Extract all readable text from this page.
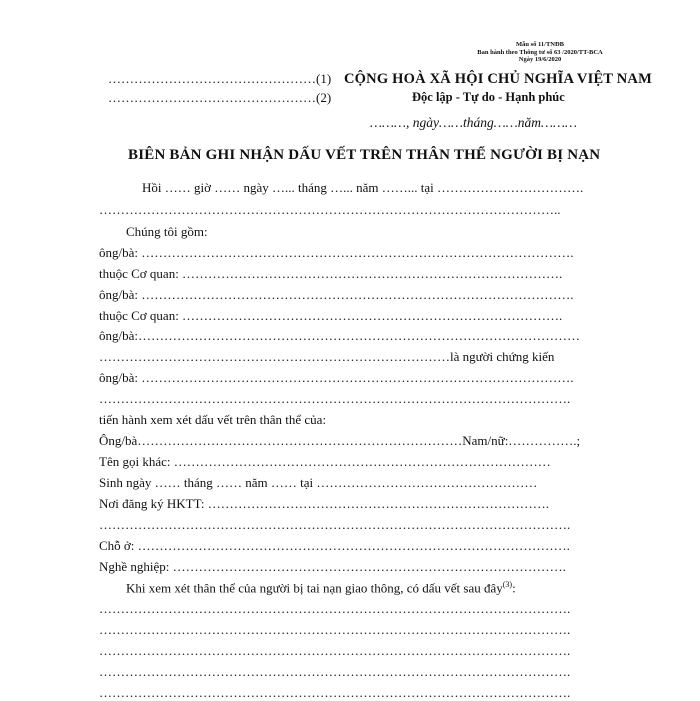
Mẫu số 11/TNĐB
Ban hành theo Thông tư số 63 /2020/TT-BCA
Ngày 19/6/2020
…………………………………………(1)
…………………………………………(2)
CỘNG HOÀ XÃ HỘI CHỦ NGHĨA VIỆT NAM
Độc lập - Tự do - Hạnh phúc
………, ngày……tháng……năm………
BIÊN BẢN GHI NHẬN DẤU VẾT TRÊN THÂN THỂ NGƯỜI BỊ NẠN
Hồi …… giờ …… ngày …... tháng …... năm ……... tại …………………………….
……………………………………………………………………………………………..
Chúng tôi gồm:
ông/bà: ……………………………………………………………………………………….
thuộc Cơ quan: …………………………………………………………………………….
ông/bà: ……………………………………………………………………………………….
thuộc Cơ quan: …………………………………………………………………………….
ông/bà:…………………………………………………………………………………………
………………………………………………………………………là người chứng kiến
ông/bà: ……………………………………………………………………………………….
……………………………………………………………………………………………….
tiến hành xem xét dấu vết trên thân thể của:
Ông/bà…………………………………………………………………Nam/nữ:…………….;
Tên gọi khác: ……………………………………………………………………………
Sinh ngày …… tháng …… năm …… tại ……………………………………………
Nơi đăng ký HKTT: …………………………………………………………………….
……………………………………………………………………………………………….
Chỗ ở: ……………………………………………………………………………………….
Nghề nghiệp: ……………………………………………………………………………….
Khi xem xét thân thể của người bị tai nạn giao thông, có dấu vết sau đây$^{(3)}$:
……………………………………………………………………………………………….
……………………………………………………………………………………………….
……………………………………………………………………………………………….
……………………………………………………………………………………………….
……………………………………………………………………………………………….
